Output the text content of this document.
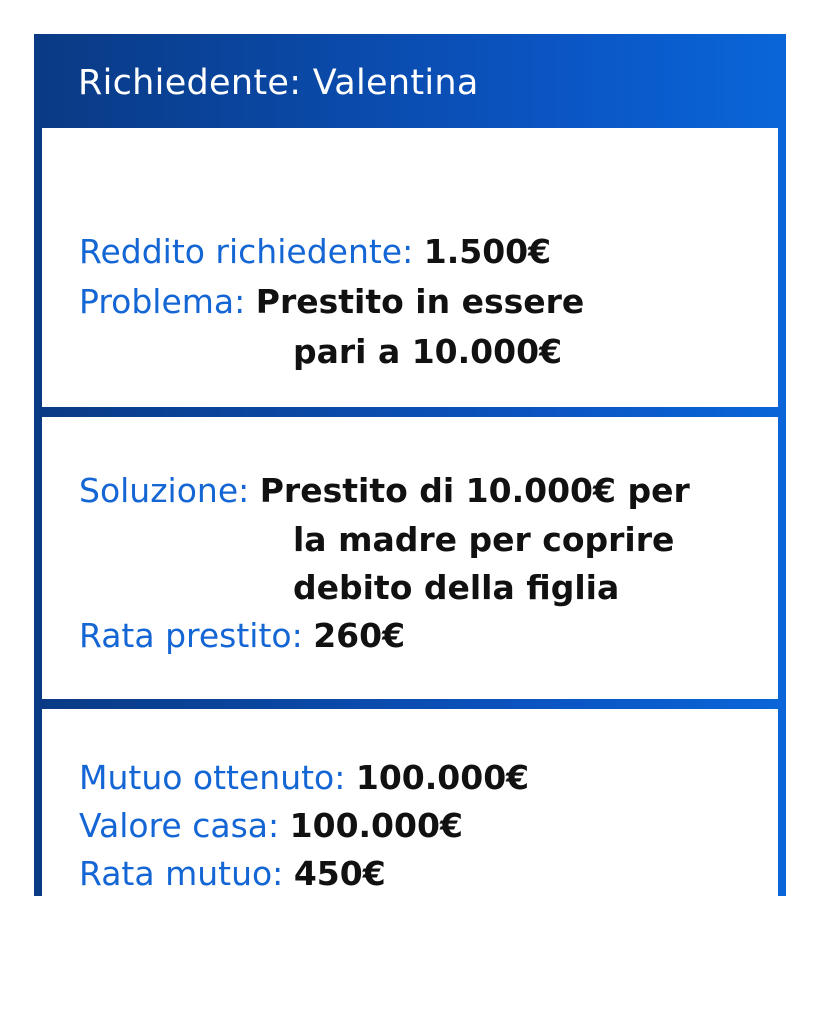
Richiedente: Valentina
Reddito richiedente: 1.500€
Problema: Prestito in essere
pari a 10.000€
Soluzione: Prestito di 10.000€ per
la madre per coprire
debito della figlia
Rata prestito: 260€
Mutuo ottenuto: 100.000€
Valore casa: 100.000€
Rata mutuo: 450€
